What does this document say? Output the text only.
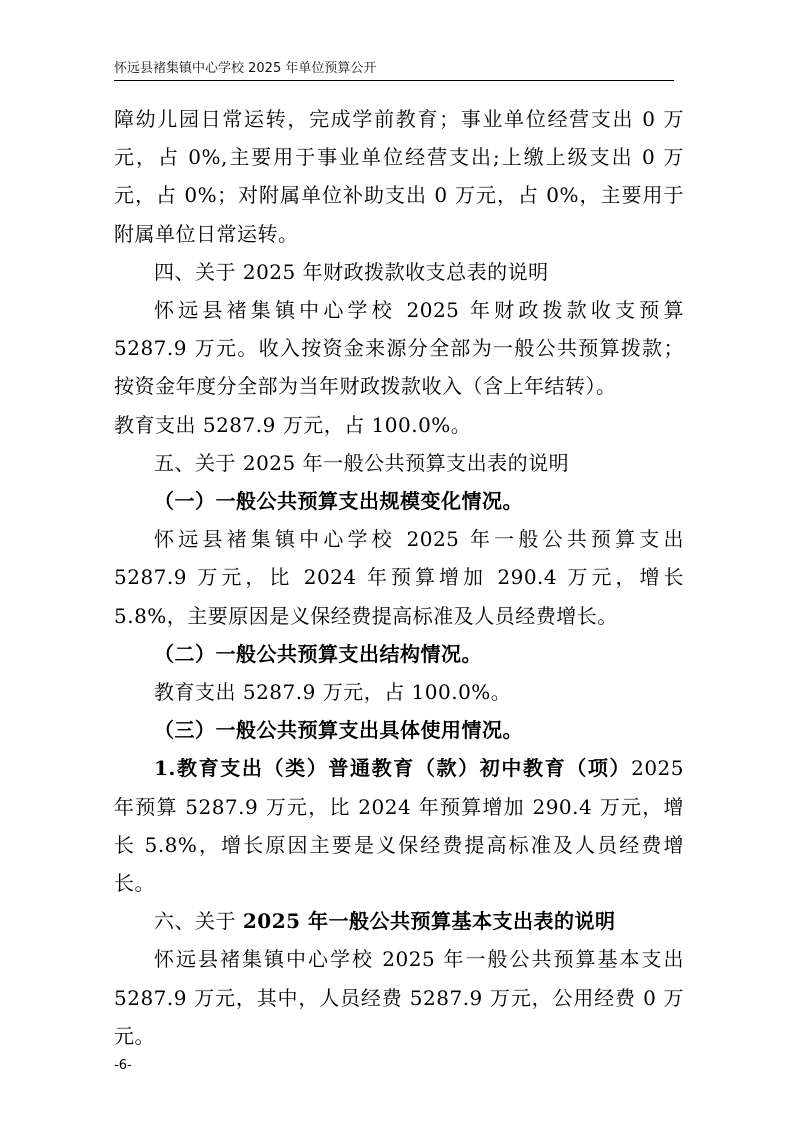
怀远县褚集镇中心学校 2025 年单位预算公开

障幼儿园日常运转，完成学前教育；事业单位经营支出 0 万元，占 0%,主要用于事业单位经营支出;上缴上级支出 0 万元，占 0%；对附属单位补助支出 0 万元，占 0%，主要用于附属单位日常运转。

四、关于 2025 年财政拨款收支总表的说明

怀远县褚集镇中心学校 2025 年财政拨款收支预算 5287.9 万元。收入按资金来源分全部为一般公共预算拨款；按资金年度分全部为当年财政拨款收入（含上年结转）。

教育支出 5287.9 万元，占 100.0%。

五、关于 2025 年一般公共预算支出表的说明

（一）一般公共预算支出规模变化情况。

怀远县褚集镇中心学校 2025 年一般公共预算支出 5287.9 万元，比 2024 年预算增加 290.4 万元，增长 5.8%，主要原因是义保经费提高标准及人员经费增长。

（二）一般公共预算支出结构情况。

教育支出 5287.9 万元，占 100.0%。

（三）一般公共预算支出具体使用情况。

1.教育支出（类）普通教育（款）初中教育（项）2025 年预算 5287.9 万元，比 2024 年预算增加 290.4 万元，增长 5.8%，增长原因主要是义保经费提高标准及人员经费增长。

六、关于 2025 年一般公共预算基本支出表的说明

怀远县褚集镇中心学校 2025 年一般公共预算基本支出 5287.9 万元，其中，人员经费 5287.9 万元，公用经费 0 万元。

-6-
